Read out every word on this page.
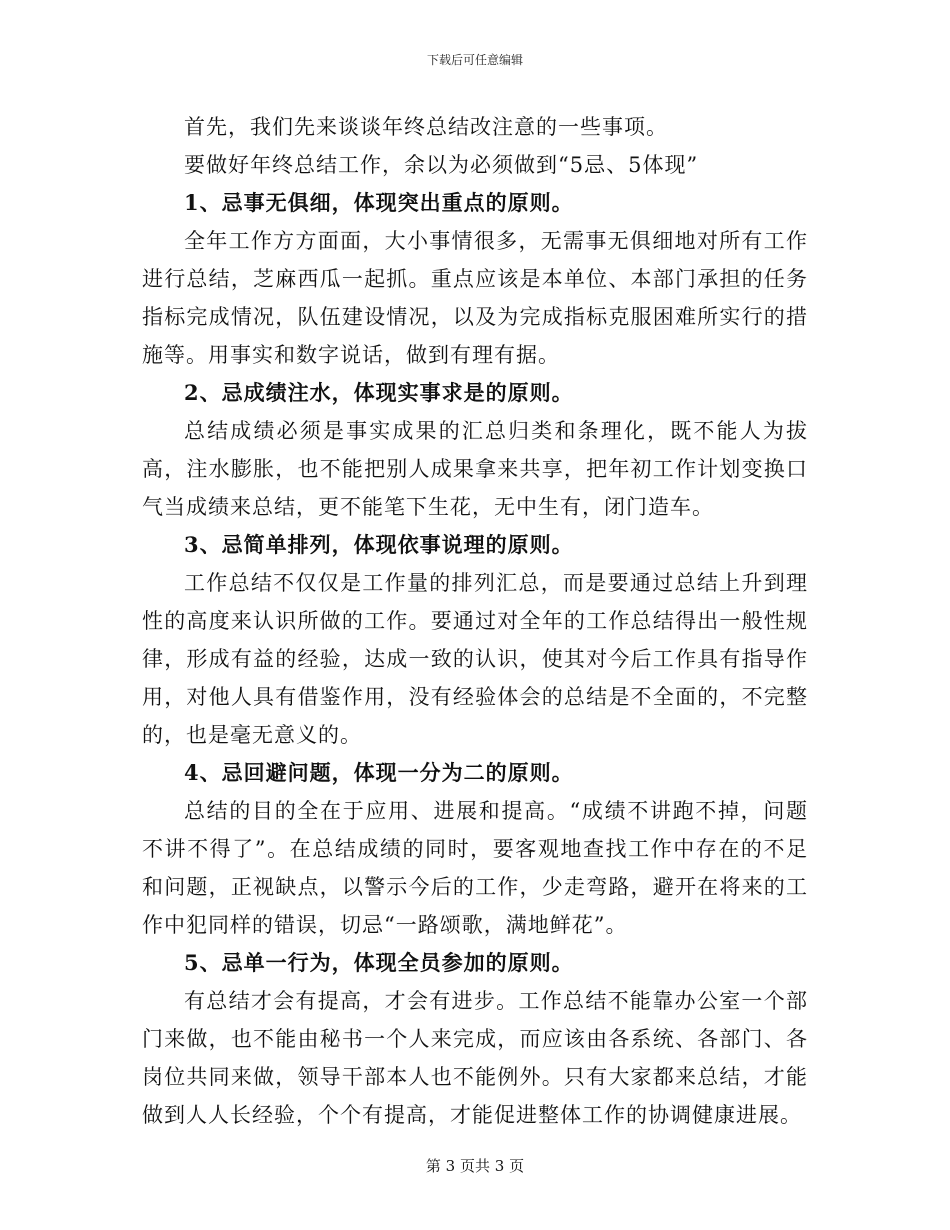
下载后可任意编辑

首先，我们先来谈谈年终总结改注意的一些事项。

要做好年终总结工作，余以为必须做到“5忌、5体现”

1、忌事无俱细，体现突出重点的原则。

全年工作方方面面，大小事情很多，无需事无俱细地对所有工作进行总结，芝麻西瓜一起抓。重点应该是本单位、本部门承担的任务指标完成情况，队伍建设情况，以及为完成指标克服困难所实行的措施等。用事实和数字说话，做到有理有据。

2、忌成绩注水，体现实事求是的原则。

总结成绩必须是事实成果的汇总归类和条理化，既不能人为拔高，注水膨胀，也不能把别人成果拿来共享，把年初工作计划变换口气当成绩来总结，更不能笔下生花，无中生有，闭门造车。

3、忌简单排列，体现依事说理的原则。

工作总结不仅仅是工作量的排列汇总，而是要通过总结上升到理性的高度来认识所做的工作。要通过对全年的工作总结得出一般性规律，形成有益的经验，达成一致的认识，使其对今后工作具有指导作用，对他人具有借鉴作用，没有经验体会的总结是不全面的，不完整的，也是毫无意义的。

4、忌回避问题，体现一分为二的原则。

总结的目的全在于应用、进展和提高。“成绩不讲跑不掉，问题不讲不得了”。在总结成绩的同时，要客观地查找工作中存在的不足和问题，正视缺点，以警示今后的工作，少走弯路，避开在将来的工作中犯同样的错误，切忌“一路颂歌，满地鲜花”。

5、忌单一行为，体现全员参加的原则。

有总结才会有提高，才会有进步。工作总结不能靠办公室一个部门来做，也不能由秘书一个人来完成，而应该由各系统、各部门、各岗位共同来做，领导干部本人也不能例外。只有大家都来总结，才能做到人人长经验，个个有提高，才能促进整体工作的协调健康进展。

第 3 页共 3 页
